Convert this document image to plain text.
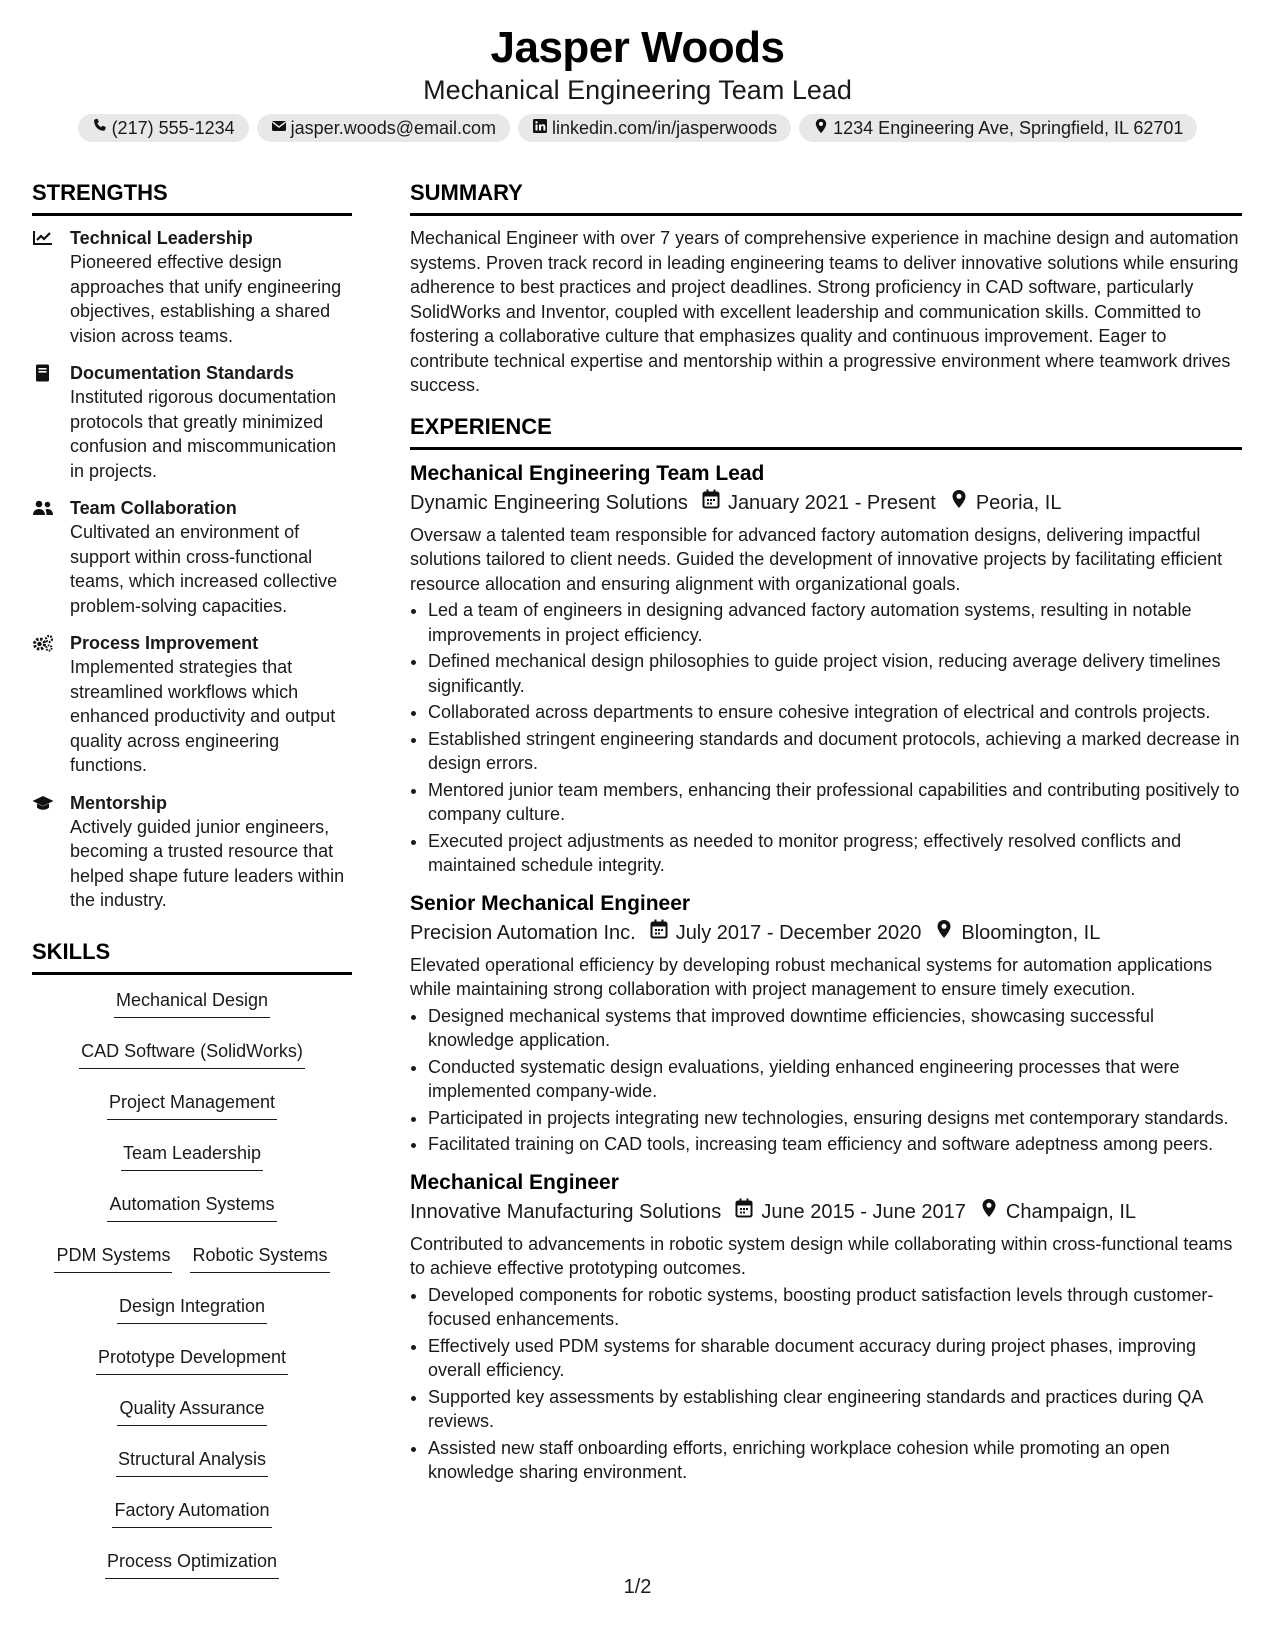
Jasper Woods
Mechanical Engineering Team Lead
(217) 555-1234	jasper.woods@email.com	linkedin.com/in/jasperwoods	1234 Engineering Ave, Springfield, IL 62701
STRENGTHS
Technical Leadership
Pioneered effective design approaches that unify engineering objectives, establishing a shared vision across teams.
Documentation Standards
Instituted rigorous documentation protocols that greatly minimized confusion and miscommunication in projects.
Team Collaboration
Cultivated an environment of support within cross-functional teams, which increased collective problem-solving capacities.
Process Improvement
Implemented strategies that streamlined workflows which enhanced productivity and output quality across engineering functions.
Mentorship
Actively guided junior engineers, becoming a trusted resource that helped shape future leaders within the industry.
SKILLS
Mechanical Design
CAD Software (SolidWorks)
Project Management
Team Leadership
Automation Systems
PDM Systems Robotic Systems
Design Integration
Prototype Development
Quality Assurance
Structural Analysis
Factory Automation
Process Optimization
SUMMARY
Mechanical Engineer with over 7 years of comprehensive experience in machine design and automation systems. Proven track record in leading engineering teams to deliver innovative solutions while ensuring adherence to best practices and project deadlines. Strong proficiency in CAD software, particularly SolidWorks and Inventor, coupled with excellent leadership and communication skills. Committed to fostering a collaborative culture that emphasizes quality and continuous improvement. Eager to contribute technical expertise and mentorship within a progressive environment where teamwork drives success.
EXPERIENCE
Mechanical Engineering Team Lead
Dynamic Engineering Solutions January 2021 - Present Peoria, IL
Oversaw a talented team responsible for advanced factory automation designs, delivering impactful solutions tailored to client needs. Guided the development of innovative projects by facilitating efficient resource allocation and ensuring alignment with organizational goals.
• Led a team of engineers in designing advanced factory automation systems, resulting in notable improvements in project efficiency.
• Defined mechanical design philosophies to guide project vision, reducing average delivery timelines significantly.
• Collaborated across departments to ensure cohesive integration of electrical and controls projects.
• Established stringent engineering standards and document protocols, achieving a marked decrease in design errors.
• Mentored junior team members, enhancing their professional capabilities and contributing positively to company culture.
• Executed project adjustments as needed to monitor progress; effectively resolved conflicts and maintained schedule integrity.
Senior Mechanical Engineer
Precision Automation Inc. July 2017 - December 2020 Bloomington, IL
Elevated operational efficiency by developing robust mechanical systems for automation applications while maintaining strong collaboration with project management to ensure timely execution.
• Designed mechanical systems that improved downtime efficiencies, showcasing successful knowledge application.
• Conducted systematic design evaluations, yielding enhanced engineering processes that were implemented company-wide.
• Participated in projects integrating new technologies, ensuring designs met contemporary standards.
• Facilitated training on CAD tools, increasing team efficiency and software adeptness among peers.
Mechanical Engineer
Innovative Manufacturing Solutions June 2015 - June 2017 Champaign, IL
Contributed to advancements in robotic system design while collaborating within cross-functional teams to achieve effective prototyping outcomes.
• Developed components for robotic systems, boosting product satisfaction levels through customer-focused enhancements.
• Effectively used PDM systems for sharable document accuracy during project phases, improving overall efficiency.
• Supported key assessments by establishing clear engineering standards and practices during QA reviews.
• Assisted new staff onboarding efforts, enriching workplace cohesion while promoting an open knowledge sharing environment.
1/2
